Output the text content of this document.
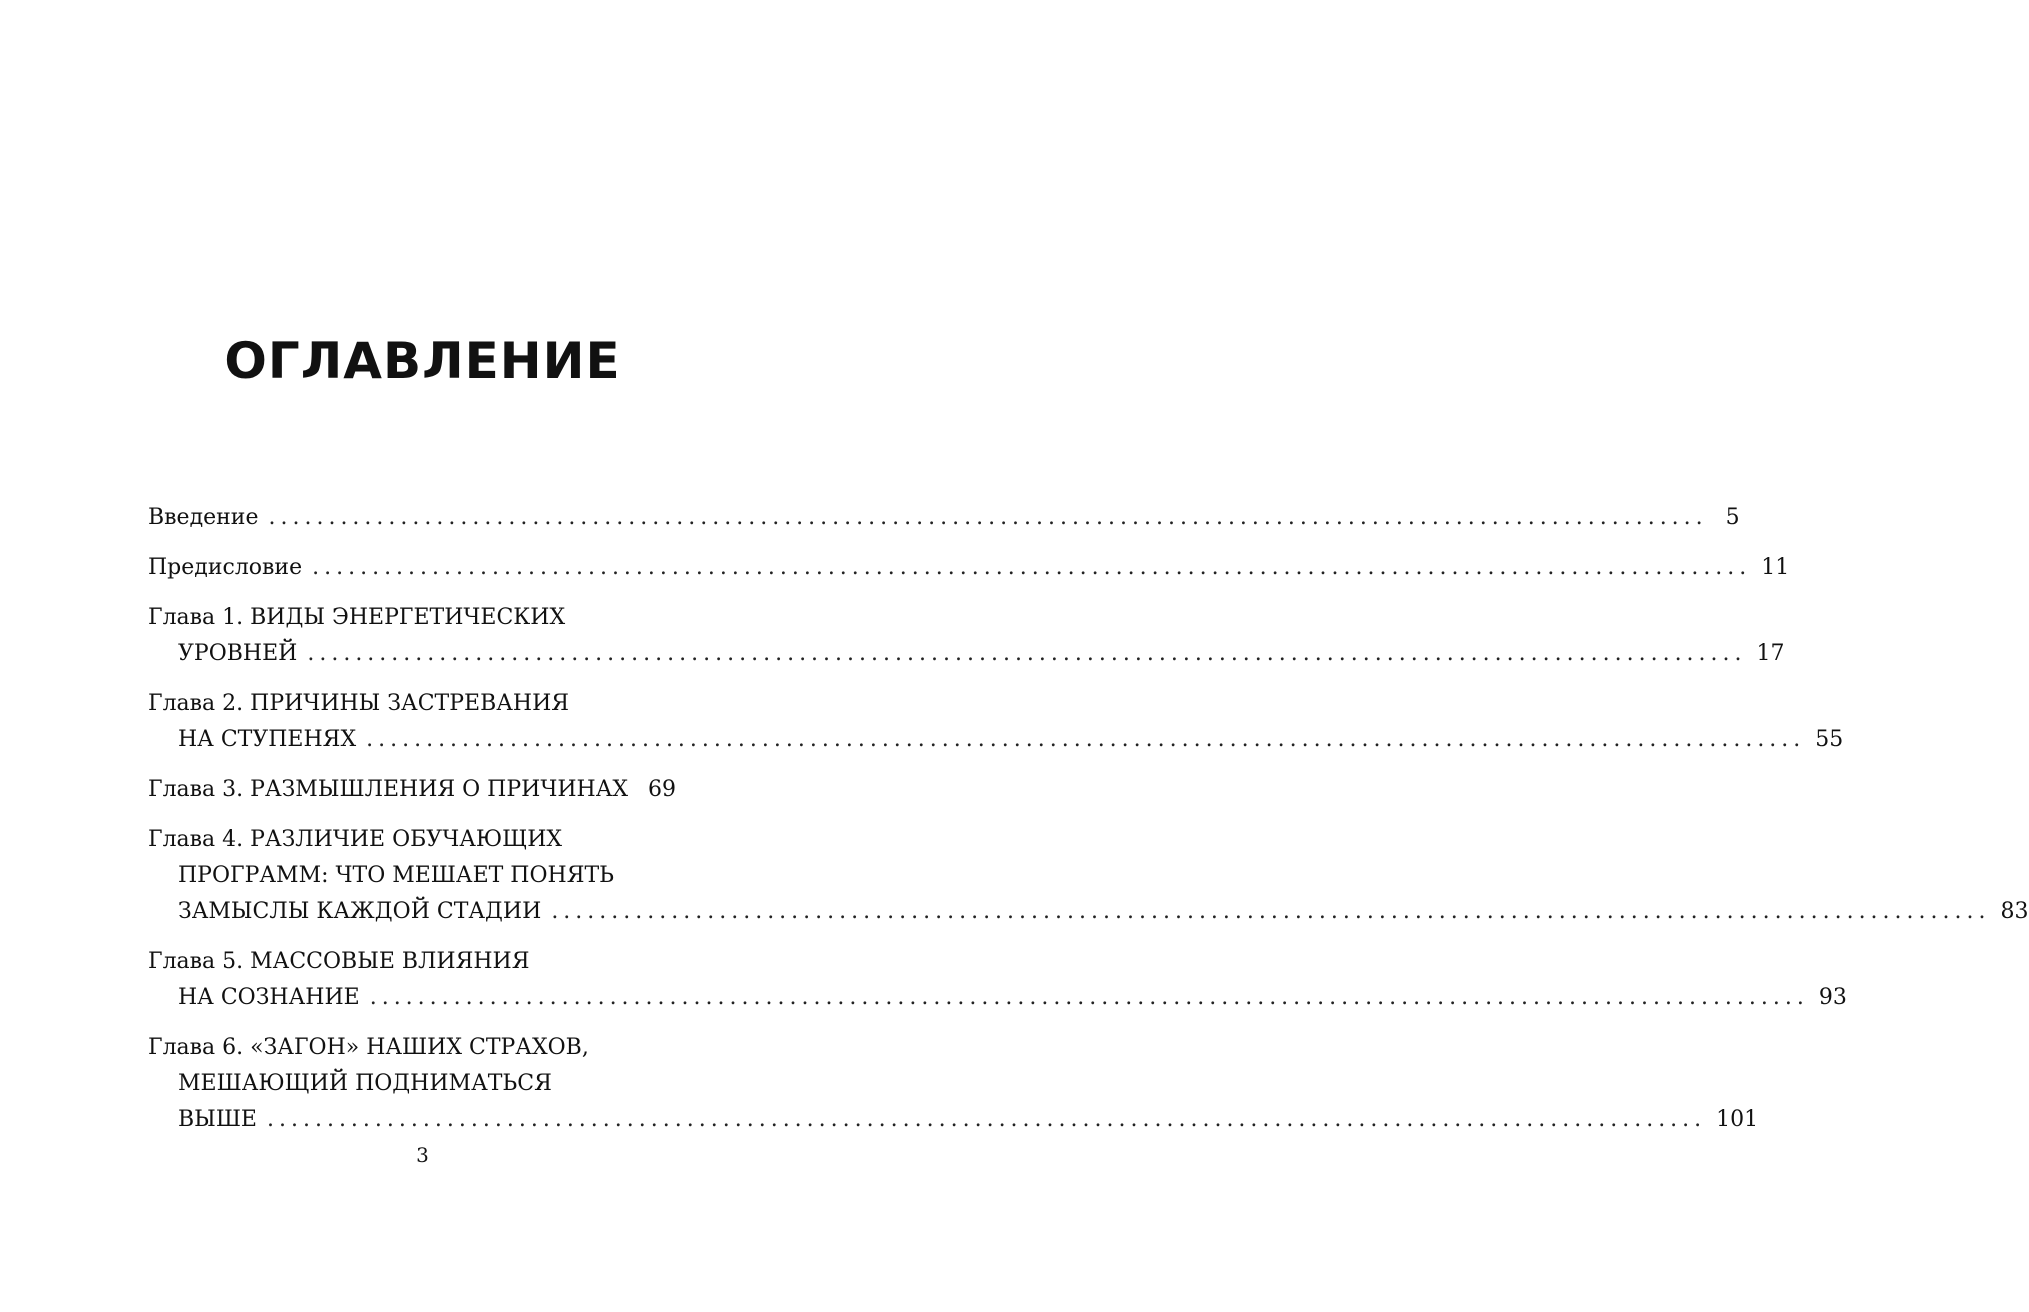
ОГЛАВЛЕНИЕ
Введение ........................................................................................................................ 5
Предисловие ........................................................................................................................ 11
Глава 1. ВИДЫ ЭНЕРГЕТИЧЕСКИХ
УРОВНЕЙ ........................................................................................................................ 17
Глава 2. ПРИЧИНЫ ЗАСТРЕВАНИЯ
НА СТУПЕНЯХ ........................................................................................................................ 55
Глава 3. РАЗМЫШЛЕНИЯ О ПРИЧИНАХ 69
Глава 4. РАЗЛИЧИЕ ОБУЧАЮЩИХ
ПРОГРАММ: ЧТО МЕШАЕТ ПОНЯТЬ
ЗАМЫСЛЫ КАЖДОЙ СТАДИИ ........................................................................................................................ 83
Глава 5. МАССОВЫЕ ВЛИЯНИЯ
НА СОЗНАНИЕ ........................................................................................................................ 93
Глава 6. «ЗАГОН» НАШИХ СТРАХОВ,
МЕШАЮЩИЙ ПОДНИМАТЬСЯ
ВЫШЕ ........................................................................................................................ 101
3
